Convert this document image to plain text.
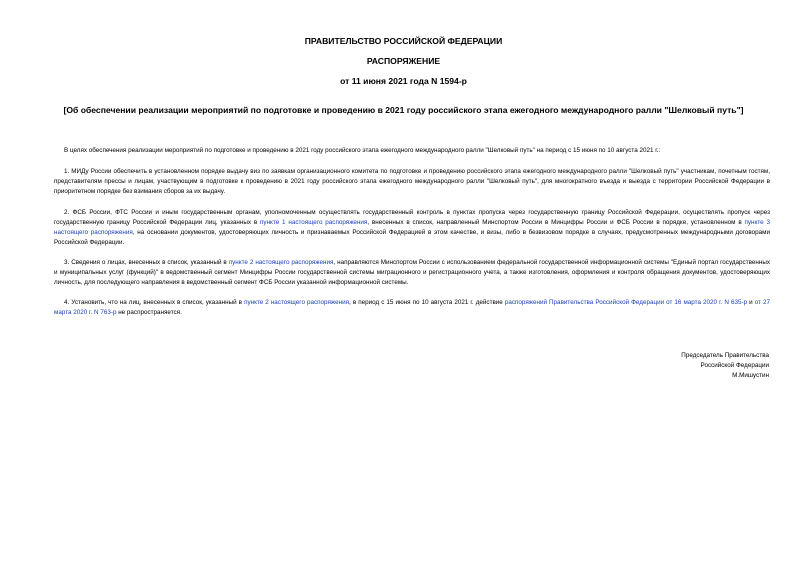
ПРАВИТЕЛЬСТВО РОССИЙСКОЙ ФЕДЕРАЦИИ
РАСПОРЯЖЕНИЕ
от 11 июня 2021 года N 1594-р
[Об обеспечении реализации мероприятий по подготовке и проведению в 2021 году российского этапа ежегодного международного ралли "Шелковый путь"]

В целях обеспечения реализации мероприятий по подготовке и проведению в 2021 году российского этапа ежегодного международного ралли "Шелковый путь" на период с 15 июня по 10 августа 2021 г.:

1. МИДу России обеспечить в установленном порядке выдачу виз по заявкам организационного комитета по подготовке и проведению российского этапа ежегодного международного ралли "Шелковый путь" участникам, почетным гостям, представителям прессы и лицам, участвующим в подготовке к проведению в 2021 году российского этапа ежегодного международного ралли "Шелковый путь", для многократного въезда и выезда с территории Российской Федерации в приоритетном порядке без взимания сборов за их выдачу.

2. ФСБ России, ФТС России и иным государственным органам, уполномоченным осуществлять государственный контроль в пунктах пропуска через государственную границу Российской Федерации, осуществлять пропуск через государственную границу Российской Федерации лиц, указанных в пункте 1 настоящего распоряжения, внесенных в список, направленный Минспортом России в Минцифры России и ФСБ России в порядке, установленном в пункте 3 настоящего распоряжения, на основании документов, удостоверяющих личность и признаваемых Российской Федерацией в этом качестве, и визы, либо в безвизовом порядке в случаях, предусмотренных международными договорами Российской Федерации.

3. Сведения о лицах, внесенных в список, указанный в пункте 2 настоящего распоряжения, направляются Минспортом России с использованием федеральной государственной информационной системы "Единый портал государственных и муниципальных услуг (функций)" в ведомственный сегмент Минцифры России государственной системы миграционного и регистрационного учета, а также изготовления, оформления и контроля обращения документов, удостоверяющих личность, для последующего направления в ведомственный сегмент ФСБ России указанной информационной системы.

4. Установить, что на лиц, внесенных в список, указанный в пункте 2 настоящего распоряжения, в период с 15 июня по 10 августа 2021 г. действие распоряжений Правительства Российской Федерации от 16 марта 2020 г. N 635-р и от 27 марта 2020 г. N 763-р не распространяется.

Председатель Правительства
Российской Федерации
М.Мишустин
